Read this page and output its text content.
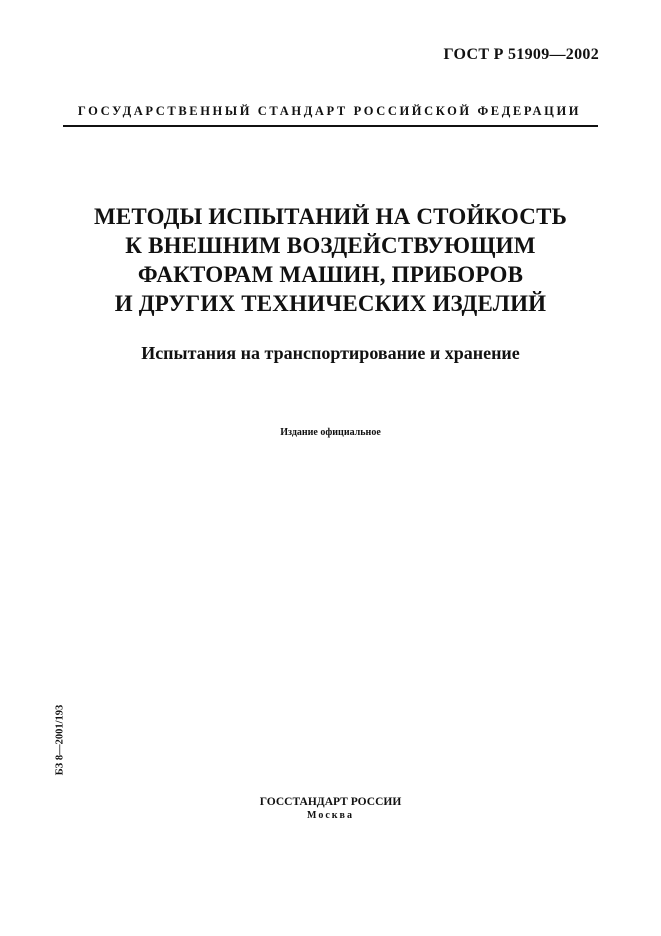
ГОСТ Р 51909—2002
ГОСУДАРСТВЕННЫЙ СТАНДАРТ РОССИЙСКОЙ ФЕДЕРАЦИИ
МЕТОДЫ ИСПЫТАНИЙ НА СТОЙКОСТЬ
К ВНЕШНИМ ВОЗДЕЙСТВУЮЩИМ
ФАКТОРАМ МАШИН, ПРИБОРОВ
И ДРУГИХ ТЕХНИЧЕСКИХ ИЗДЕЛИЙ
Испытания на транспортирование и хранение
Издание официальное
БЗ 8—2001/193
ГОССТАНДАРТ РОССИИ
Москва
